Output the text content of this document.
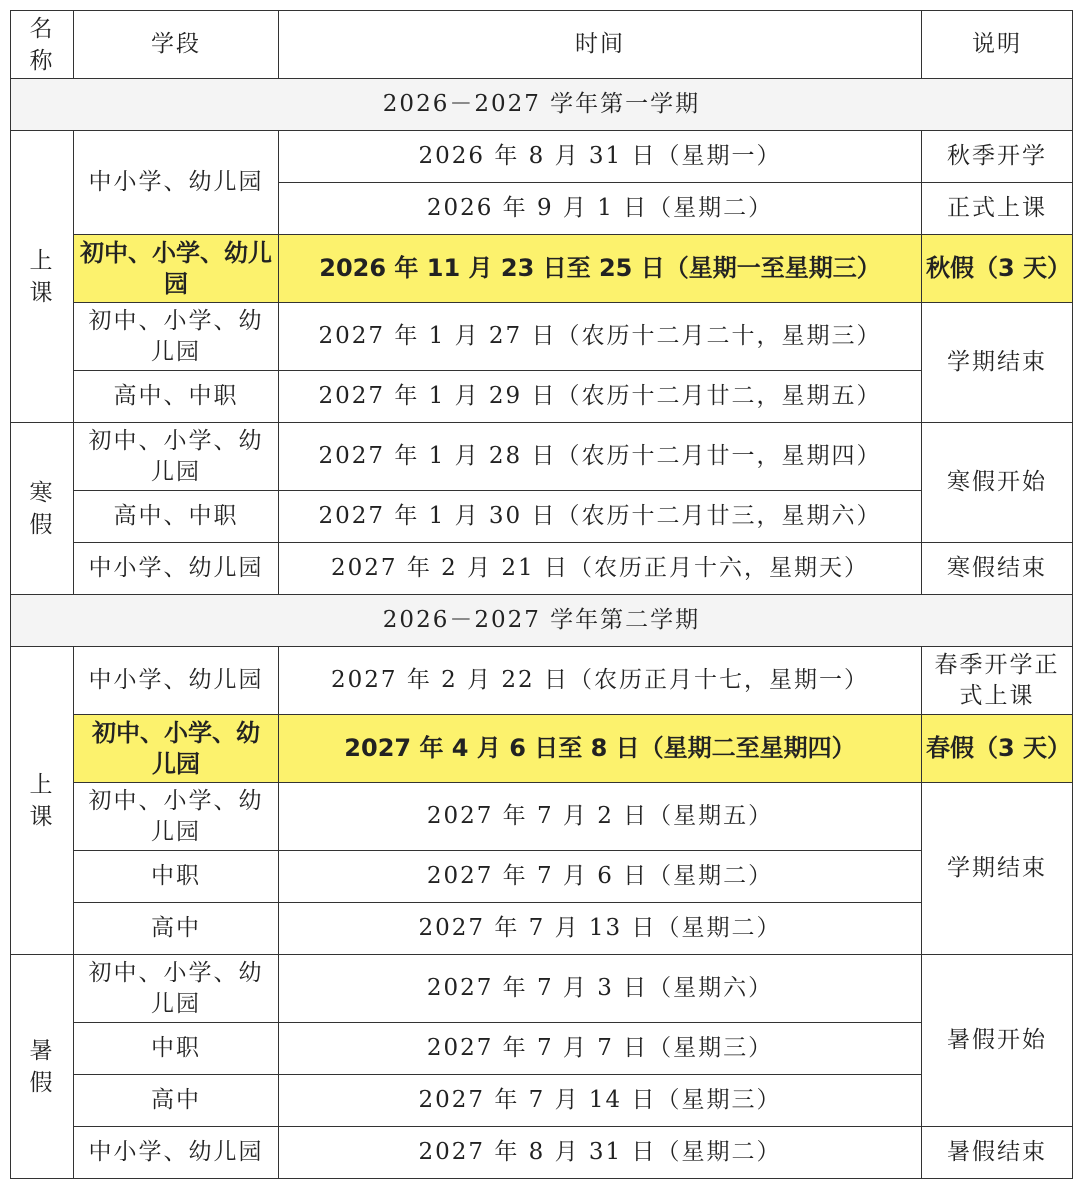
名称	学段	时间	说明
2026－2027 学年第一学期			
上课	中小学、幼儿园	2026 年 8 月 31 日（星期一）	秋季开学
		2026 年 9 月 1 日（星期二）	正式上课
	初中、小学、幼儿园	2026 年 11 月 23 日至 25 日（星期一至星期三）	秋假（3 天）
	初中、小学、幼儿园	2027 年 1 月 27 日（农历十二月二十，星期三）	学期结束
	高中、中职	2027 年 1 月 29 日（农历十二月廿二，星期五）	
寒假	初中、小学、幼儿园	2027 年 1 月 28 日（农历十二月廿一，星期四）	寒假开始
	高中、中职	2027 年 1 月 30 日（农历十二月廿三，星期六）	
	中小学、幼儿园	2027 年 2 月 21 日（农历正月十六，星期天）	寒假结束
2026－2027 学年第二学期			
上课	中小学、幼儿园	2027 年 2 月 22 日（农历正月十七，星期一）	春季开学正式上课
	初中、小学、幼儿园	2027 年 4 月 6 日至 8 日（星期二至星期四）	春假（3 天）
	初中、小学、幼儿园	2027 年 7 月 2 日（星期五）	学期结束
	中职	2027 年 7 月 6 日（星期二）	
	高中	2027 年 7 月 13 日（星期二）	
暑假	初中、小学、幼儿园	2027 年 7 月 3 日（星期六）	暑假开始
	中职	2027 年 7 月 7 日（星期三）	
	高中	2027 年 7 月 14 日（星期三）	
	中小学、幼儿园	2027 年 8 月 31 日（星期二）	暑假结束
